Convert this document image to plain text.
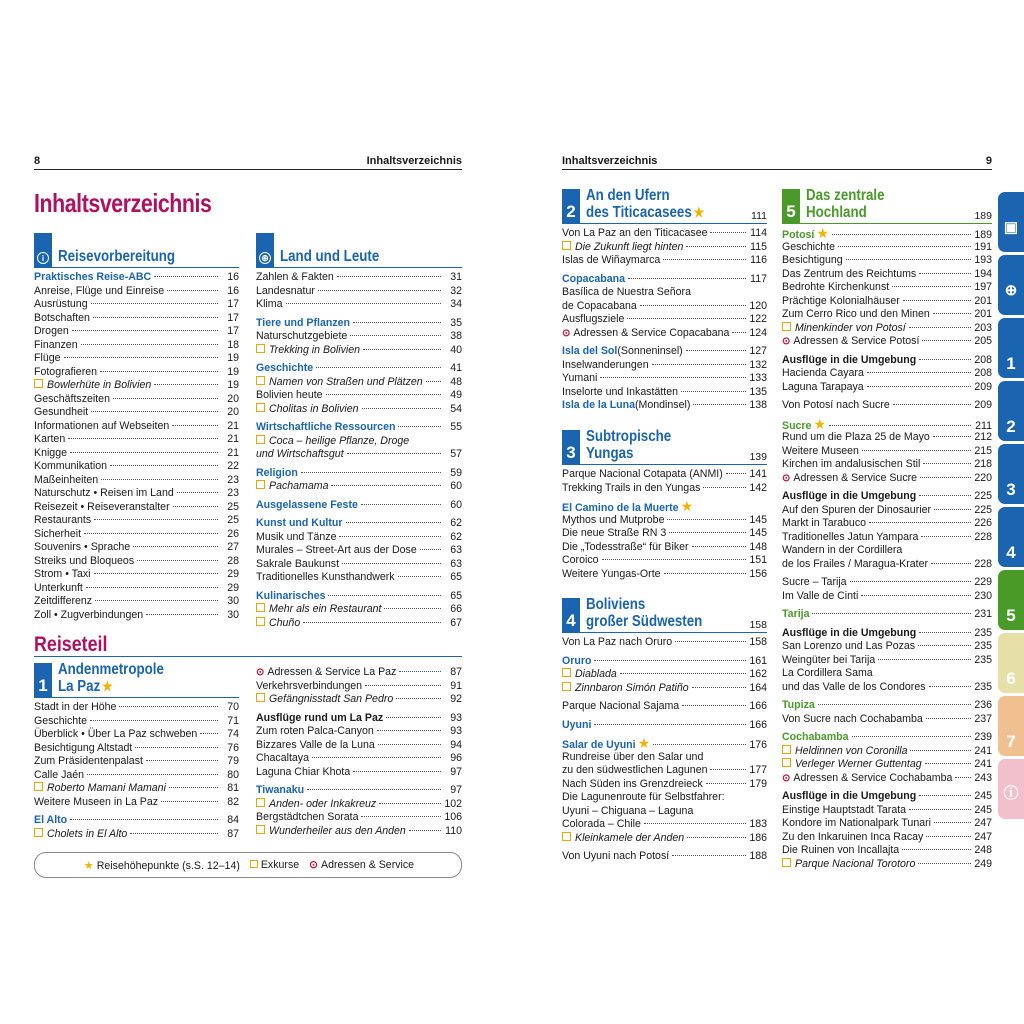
8	Inhaltsverzeichnis
Inhaltsverzeichnis
i Reisevorbereitung
Praktisches Reise-ABC	16
Anreise, Flüge und Einreise	16
Ausrüstung	17
Botschaften	17
Drogen	17
Finanzen	18
Flüge	19
Fotografieren	19
Bowlerhüte in Bolivien	19
Geschäftszeiten	20
Gesundheit	20
Informationen auf Webseiten	21
Karten	21
Knigge	21
Kommunikation	22
Maßeinheiten	23
Naturschutz • Reisen im Land	23
Reisezeit • Reiseveranstalter	25
Restaurants	25
Sicherheit	26
Souvenirs • Sprache	27
Streiks und Bloqueos	28
Strom • Taxi	29
Unterkunft	29
Zeitdifferenz	30
Zoll • Zugverbindungen	30
⊕ Land und Leute
Zahlen & Fakten	31
Landesnatur	32
Klima	34
Tiere und Pflanzen	35
Naturschutzgebiete	38
Trekking in Bolivien	40
Geschichte	41
Namen von Straßen und Plätzen	48
Bolivien heute	49
Cholitas in Bolivien	54
Wirtschaftliche Ressourcen	55
Coca – heilige Pflanze, Droge
und Wirtschaftsgut	57
Religion	59
Pachamama	60
Ausgelassene Feste	60
Kunst und Kultur	62
Musik und Tänze	62
Murales – Street-Art aus der Dose	63
Sakrale Baukunst	63
Traditionelles Kunsthandwerk	65
Kulinarisches	65
Mehr als ein Restaurant	66
Chuño	67
Reiseteil
1
Andenmetropole
La Paz ★
Stadt in der Höhe	70
Geschichte	71
Überblick • Über La Paz schweben	74
Besichtigung Altstadt	76
Zum Präsidentenpalast	79
Calle Jaén	80
Roberto Mamani Mamani	81
Weitere Museen in La Paz	82
El Alto	84
Cholets in El Alto	87
⊙ Adressen & Service La Paz	87
Verkehrsverbindungen	91
Gefängnisstadt San Pedro	92
Ausflüge rund um La Paz	93
Zum roten Palca-Canyon	93
Bizzares Valle de la Luna	94
Chacaltaya	96
Laguna Chiar Khota	97
Tiwanaku	97
Anden- oder Inkakreuz	102
Bergstädtchen Sorata	106
Wunderheiler aus den Anden	110
★ Reisehöhepunkte (s.S. 12–14)	Exkurse ⊙ Adressen & Service
Inhaltsverzeichnis	9
2
An den Ufern
des Titicacasees ★	111
Von La Paz an den Titicacasee	114
Die Zukunft liegt hinten	115
Islas de Wiñaymarca	116
Copacabana	117
Basílica de Nuestra Señora
de Copacabana	120
Ausflugsziele	122
⊙ Adressen & Service Copacabana 124
Isla del Sol (Sonneninsel)	127
Inselwanderungen	132
Yumani	133
Inselorte und Inkastätten	135
Isla de la Luna (Mondinsel)	138
3
Subtropische
Yungas	139
Parque Nacional Cotapata (ANMI)	141
Trekking Trails in den Yungas	142
El Camino de la Muerte ★
Mythos und Mutprobe	145
Die neue Straße RN 3	145
Die „Todesstraße“ für Biker	148
Coroico	151
Weitere Yungas-Orte	156
4
Boliviens
großer Südwesten	158
Von La Paz nach Oruro	158
Oruro	161
Diablada	162
Zinnbaron Simón Patiño	164
Parque Nacional Sajama	166
Uyuni	166
Salar de Uyuni ★	176
Rundreise über den Salar und
zu den südwestlichen Lagunen	177
Nach Süden ins Grenzdreieck	179
Die Lagunenroute für Selbstfahrer:
Uyuni – Chiguana – Laguna
Colorada – Chile	183
Kleinkamele der Anden	186
Von Uyuni nach Potosí	188
5
Das zentrale
Hochland	189
Potosí ★	189
Geschichte	191
Besichtigung	193
Das Zentrum des Reichtums	194
Bedrohte Kirchenkunst	197
Prächtige Kolonialhäuser	201
Zum Cerro Rico und den Minen	201
Minenkinder von Potosí	203
⊙ Adressen & Service Potosí	205
Ausflüge in die Umgebung	208
Hacienda Cayara	208
Laguna Tarapaya	209
Von Potosí nach Sucre	209
Sucre ★	211
Rund um die Plaza 25 de Mayo	212
Weitere Museen	215
Kirchen im andalusischen Stil	218
⊙ Adressen & Service Sucre	220
Ausflüge in die Umgebung	225
Auf den Spuren der Dinosaurier	225
Markt in Tarabuco	226
Traditionelles Jatun Yampara	228
Wandern in der Cordillera
de los Frailes / Maragua-Krater	228
Sucre – Tarija	229
Im Valle de Cinti	230
Tarija	231
Ausflüge in die Umgebung	235
San Lorenzo und Las Pozas	235
Weingüter bei Tarija	235
La Cordillera Sama
und das Valle de los Condores	235
Tupiza	236
Von Sucre nach Cochabamba	237
Cochabamba	239
Heldinnen von Coronilla	241
Verleger Werner Guttentag	241
⊙ Adressen & Service Cochabamba 243
Ausflüge in die Umgebung	245
Einstige Hauptstadt Tarata	245
Kondore im Nationalpark Tunari	247
Zu den Inkaruinen Inca Racay	247
Die Ruinen von Incallajta	248
Parque Nacional Torotoro	249
▣
⊕
1
2
3
4
5
6
7
ⓘ
